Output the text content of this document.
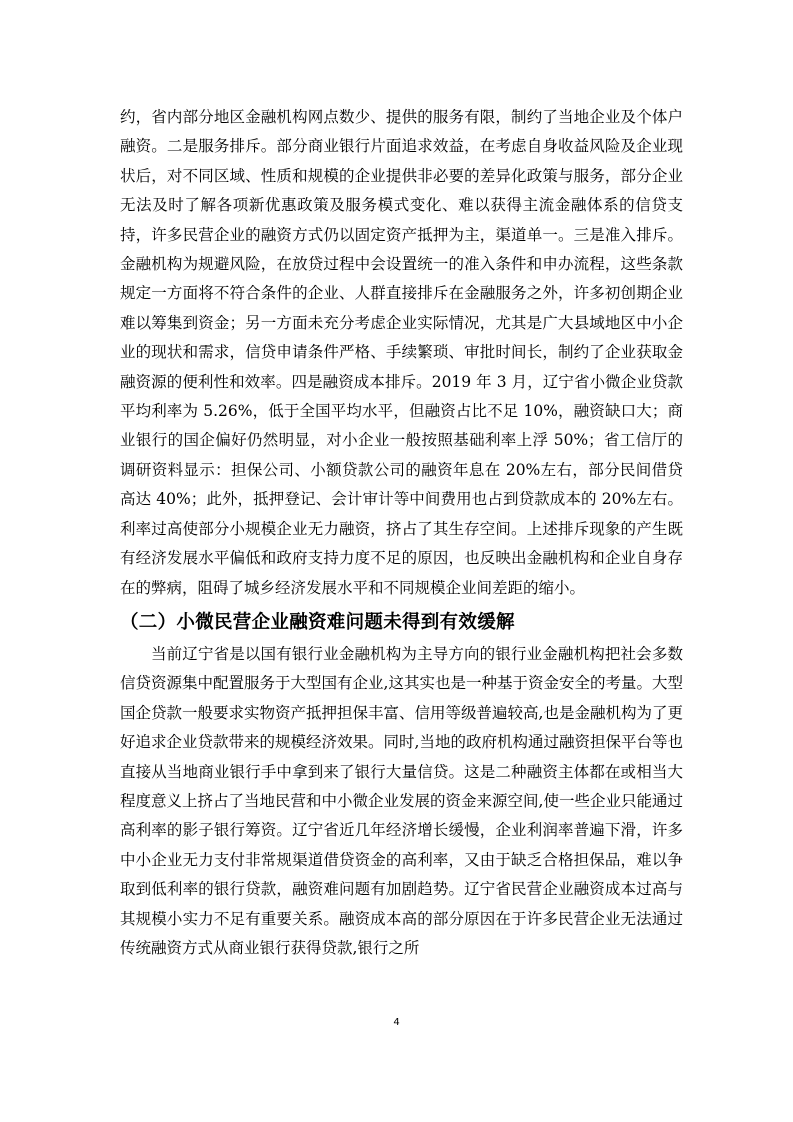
约，省内部分地区金融机构网点数少、提供的服务有限，制约了当地企业及个体户融资。二是服务排斥。部分商业银行片面追求效益，在考虑自身收益风险及企业现状后，对不同区域、性质和规模的企业提供非必要的差异化政策与服务，部分企业无法及时了解各项新优惠政策及服务模式变化、难以获得主流金融体系的信贷支持，许多民营企业的融资方式仍以固定资产抵押为主，渠道单一。三是准入排斥。金融机构为规避风险，在放贷过程中会设置统一的准入条件和申办流程，这些条款规定一方面将不符合条件的企业、人群直接排斥在金融服务之外，许多初创期企业难以筹集到资金；另一方面未充分考虑企业实际情况，尤其是广大县域地区中小企业的现状和需求，信贷申请条件严格、手续繁琐、审批时间长，制约了企业获取金融资源的便利性和效率。四是融资成本排斥。2019 年 3 月，辽宁省小微企业贷款平均利率为 5.26%，低于全国平均水平，但融资占比不足 10%，融资缺口大；商业银行的国企偏好仍然明显，对小企业一般按照基础利率上浮 50%；省工信厅的调研资料显示：担保公司、小额贷款公司的融资年息在 20%左右，部分民间借贷高达 40%；此外，抵押登记、会计审计等中间费用也占到贷款成本的 20%左右。利率过高使部分小规模企业无力融资，挤占了其生存空间。上述排斥现象的产生既有经济发展水平偏低和政府支持力度不足的原因，也反映出金融机构和企业自身存在的弊病，阻碍了城乡经济发展水平和不同规模企业间差距的缩小。

（二）小微民营企业融资难问题未得到有效缓解

当前辽宁省是以国有银行业金融机构为主导方向的银行业金融机构把社会多数信贷资源集中配置服务于大型国有企业,这其实也是一种基于资金安全的考量。大型国企贷款一般要求实物资产抵押担保丰富、信用等级普遍较高,也是金融机构为了更好追求企业贷款带来的规模经济效果。同时,当地的政府机构通过融资担保平台等也直接从当地商业银行手中拿到来了银行大量信贷。这是二种融资主体都在或相当大程度意义上挤占了当地民营和中小微企业发展的资金来源空间,使一些企业只能通过高利率的影子银行筹资。辽宁省近几年经济增长缓慢，企业利润率普遍下滑，许多中小企业无力支付非常规渠道借贷资金的高利率，又由于缺乏合格担保品，难以争取到低利率的银行贷款，融资难问题有加剧趋势。辽宁省民营企业融资成本过高与其规模小实力不足有重要关系。融资成本高的部分原因在于许多民营企业无法通过传统融资方式从商业银行获得贷款,银行之所

4
